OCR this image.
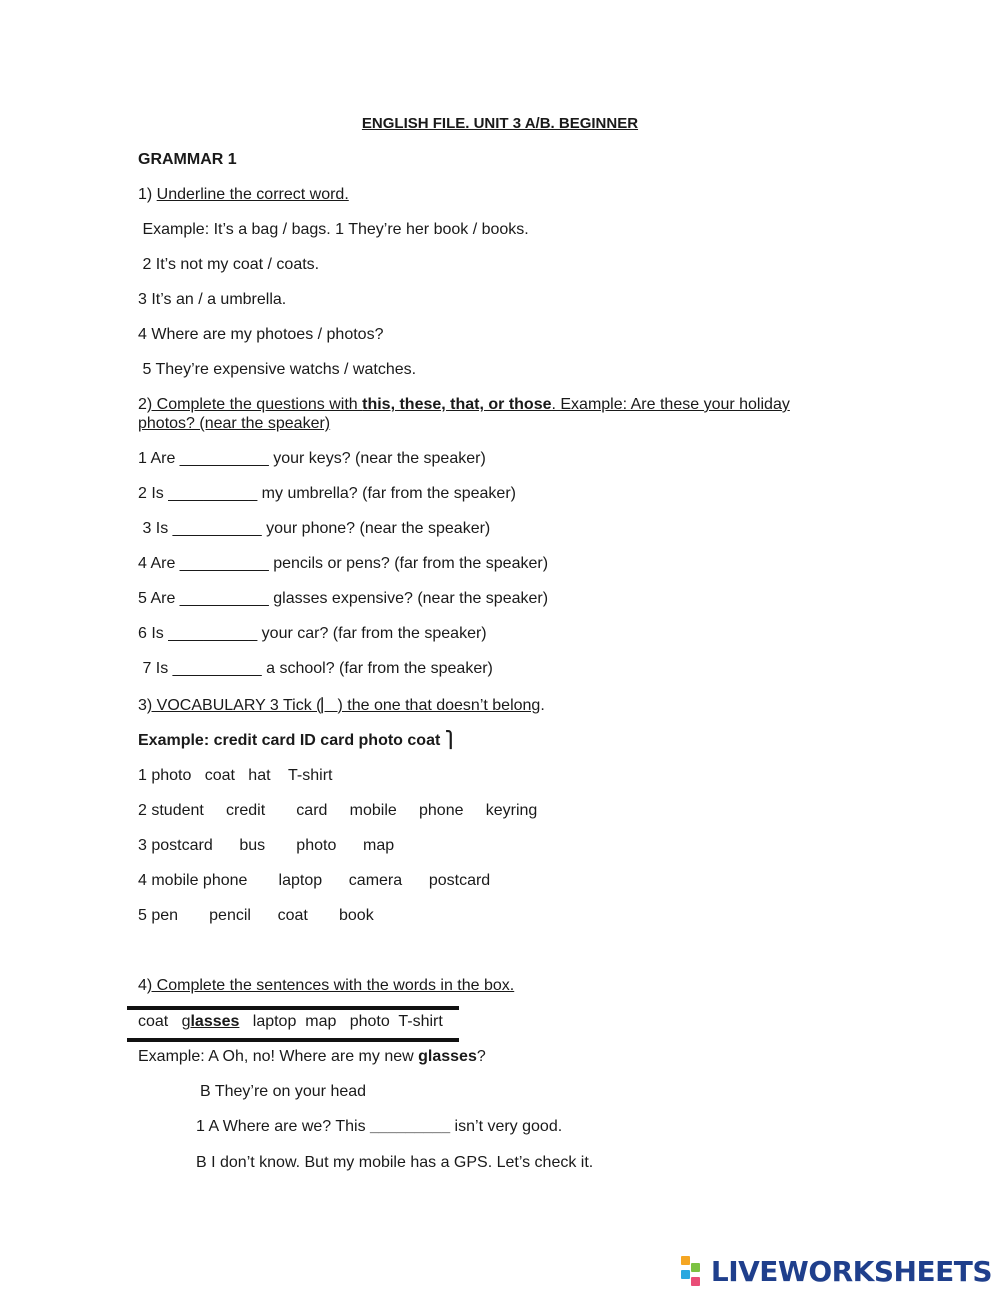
ENGLISH FILE. UNIT 3 A/B. BEGINNER
GRAMMAR 1
1) Underline the correct word.
Example: It’s a bag / bags. 1 They’re her book / books.
2 It’s not my coat / coats.
3 It’s an / a umbrella.
4 Where are my photoes / photos?
5 They’re expensive watchs / watches.
2) Complete the questions with this, these, that, or those. Example: Are these your holiday
photos? (near the speaker)
1 Are __________ your keys? (near the speaker)
2 Is __________ my umbrella? (far from the speaker)
3 Is __________ your phone? (near the speaker)
4 Are __________ pencils or pens? (far from the speaker)
5 Are __________ glasses expensive? (near the speaker)
6 Is __________ your car? (far from the speaker)
7 Is __________ a school? (far from the speaker)
3) VOCABULARY 3 Tick (⎸) the one that doesn’t belong.
Example: credit card ID card photo coat ⎫
1 photo   coat   hat    T-shirt
2 student     credit       card     mobile     phone     keyring
3 postcard      bus       photo      map
4 mobile phone       laptop      camera      postcard
5 pen       pencil      coat       book
4) Complete the sentences with the words in the box.
coat   glasses   laptop  map   photo  T-shirt
Example: A Oh, no! Where are my new glasses?
B They’re on your head
1 A Where are we? This _________ isn’t very good.
B I don’t know. But my mobile has a GPS. Let’s check it.
LIVEWORKSHEETS
